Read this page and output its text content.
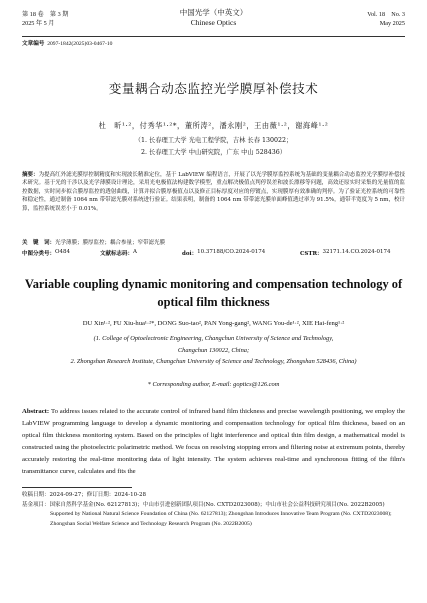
第 18 卷　第 3 期
2025 年 5 月
中国光学（中英文）
Chinese Optics
Vol. 18　No. 3
May 2025
文章编号 2097-1842(2025)03-0467-10
变量耦合动态监控光学膜厚补偿技术
杜　昕¹·²，付秀华¹·²*，董所涛²，潘永刚²，王由薇¹·²，谢海峰¹·²
（1. 长春理工大学 光电工程学院，吉林 长春 130022；
2. 长春理工大学 中山研究院，广东 中山 528436）
摘要：为提高红外滤光膜厚控制精度和实现波长精准定位，基于 LabVIEW 编程语言，开展了以光学膜厚监控系统为基础的变量耦合动态监控光学膜厚补偿技术研究。基于光的干涉以及光学薄膜设计理论，采用光电极值法构建数学模型，重点解决极值点判停误差和波长漂移等问题，高效还原实时采集的光量值的监控数据，实时同步拟合膜厚监控的透射曲线，计算并拟合膜厚极值点以及修正目标厚度对应的停镀点，实现膜厚有效准确的判停。为了验证光控系统的可靠性和稳定性，通过制备 1064 nm 带带滤光膜对系统进行验证。结果表明，制备的 1064 nm 带带滤光膜单面峰值透过率为 91.5%，通带半宽度为 5 nm，校计算，监控系统误差小于 0.01%。
关　键　词：光学薄膜；膜厚监控；耦合参量；窄带滤光膜
中图分类号： O484	文献标志码： A	doi： 10.37188/CO.2024-0174	CSTR： 32171.14.CO.2024-0174
Variable coupling dynamic monitoring and compensation technology of
optical film thickness
DU Xin¹·², FU Xiu-hua¹·²*, DONG Suo-tao², PAN Yong-gang², WANG You-de¹·², XIE Hai-feng¹·²
(1. College of Optoelectronic Engineering, Changchun University of Science and Technology,
Changchun 130022, China;
2. Zhongshan Research Institute, Changchun University of Science and Technology, Zhongshan 528436, China)
* Corresponding author, E-mail: goptics@126.com
Abstract: To address issues related to the accurate control of infrared band film thickness and precise wavelength positioning, we employ the LabVIEW programming language to develop a dynamic monitoring and compensation technology for optical film thickness, based on an optical film thickness monitoring system. Based on the principles of light interference and optical thin film design, a mathematical model is constructed using the photoelectric polarimetric method. We focus on resolving stopping errors and filtering noise at extremum points, thereby accurately restoring the real-time monitoring data of light intensity. The system achieves real-time and synchronous fitting of the film's transmittance curve, calculates and fits the
收稿日期： 2024-09-27；修订日期：2024-10-28
基金项目： 国家自然科学基金(No. 62127813)；中山市引进创新团队项目(No. CXTD2023008)；中山市社会公益科技研究项目(No. 2022B2005)
Supported by National Natural Science Foundation of China (No. 62127813); Zhongshan Introduces Innovative Team Program (No. CXTD2023008); Zhongshan Social Welfare Science and Technology Research Program (No. 2022B2005)
